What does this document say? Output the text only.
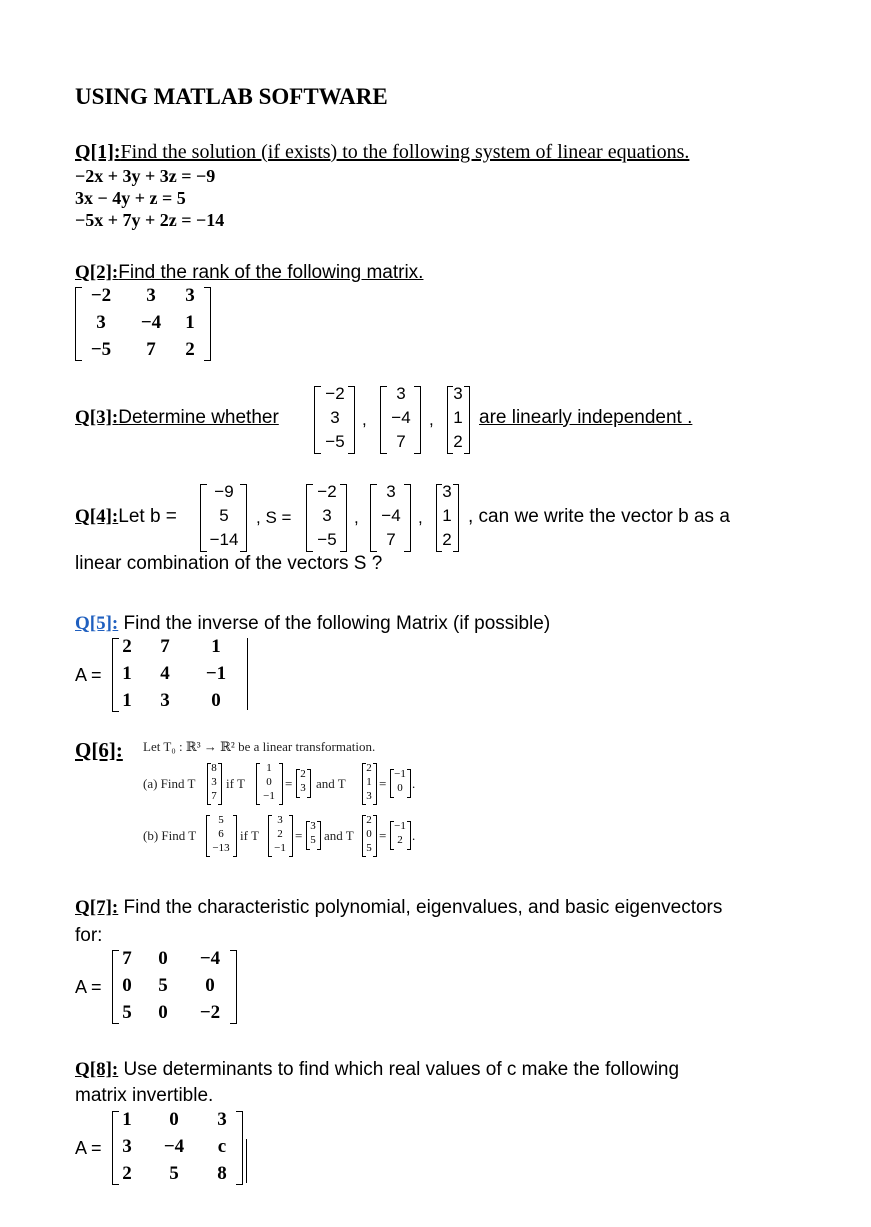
USING MATLAB SOFTWARE
Q[1]:Find the solution (if exists) to the following system of linear equations.
−2x + 3y + 3z = −9
3x − 4y + z = 5
−5x + 7y + 2z = −14
Q[2]:Find the rank of the following matrix.
−2	3	3
3	−4	1
−5	7	2
Q[3]:Determine whether
−2
3
−5
,
3
−4
7
,
3
1
2
are linearly independent .
Q[4]:Let b =
−9
5
−14
, S =
−2
3
−5
,
3
−4
7
,
3
1
2
, can we write the vector b as a
linear combination of the vectors S ?
Q[5]: Find the inverse of the following Matrix (if possible)
A =
2	7	1
1	4	−1
1	3	0
Q[6]: Let T₀ : ℝ³ → ℝ² be a linear transformation.
(a) Find T
8
3
7
if T
1
0
−1
=
2
3 and T
2
1
3
=
−1
0 .
(b) Find T
5
6
−13
if T
3
2
−1
=
3
5 and T
2
0
5
=
−1
2 .
Q[7]: Find the characteristic polynomial, eigenvalues, and basic eigenvectors
for:
A =
7	0	−4
0	5	0
5	0	−2
Q[8]: Use determinants to find which real values of c make the following
matrix invertible.
A =
1	0	3
3	−4	c
2	5	8
